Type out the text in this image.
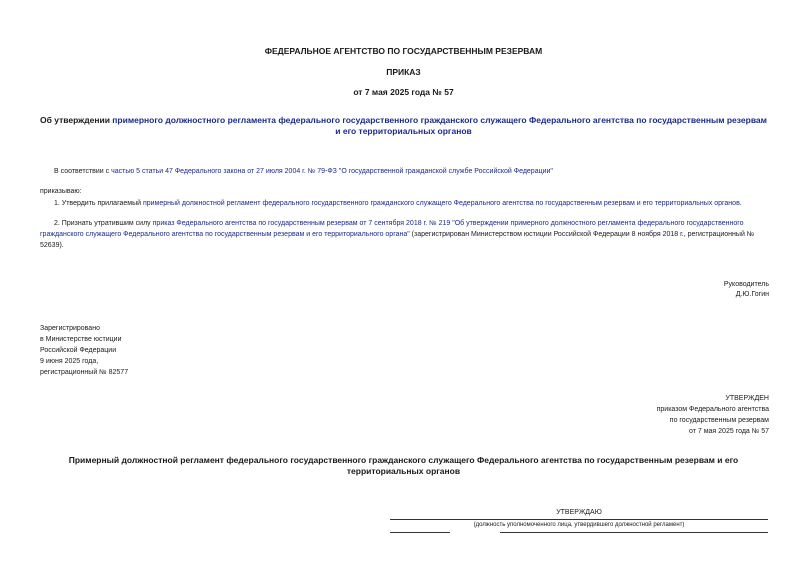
ФЕДЕРАЛЬНОЕ АГЕНТСТВО ПО ГОСУДАРСТВЕННЫМ РЕЗЕРВАМ
ПРИКАЗ
от 7 мая 2025 года № 57
Об утверждении примерного должностного регламента федерального государственного гражданского служащего Федерального агентства по государственным резервам и его территориальных органов
В соответствии с частью 5 статьи 47 Федерального закона от 27 июля 2004 г. № 79-ФЗ "О государственной гражданской службе Российской Федерации"
приказываю:
1. Утвердить прилагаемый примерный должностной регламент федерального государственного гражданского служащего Федерального агентства по государственным резервам и его территориальных органов.
2. Признать утратившим силу приказ Федерального агентства по государственным резервам от 7 сентября 2018 г. № 219 "Об утверждении примерного должностного регламента федерального государственного гражданского служащего Федерального агентства по государственным резервам и его территориального органа" (зарегистрирован Министерством юстиции Российской Федерации 8 ноября 2018 г., регистрационный № 52639).
Руководитель
Д.Ю.Гогин
Зарегистрировано
в Министерстве юстиции
Российской Федерации
9 июня 2025 года,
регистрационный № 82577
УТВЕРЖДЕН
приказом Федерального агентства
по государственным резервам
от 7 мая 2025 года № 57
Примерный должностной регламент федерального государственного гражданского служащего Федерального агентства по государственным резервам и его территориальных органов
УТВЕРЖДАЮ
(должность уполномоченного лица, утвердившего должностной регламент)
